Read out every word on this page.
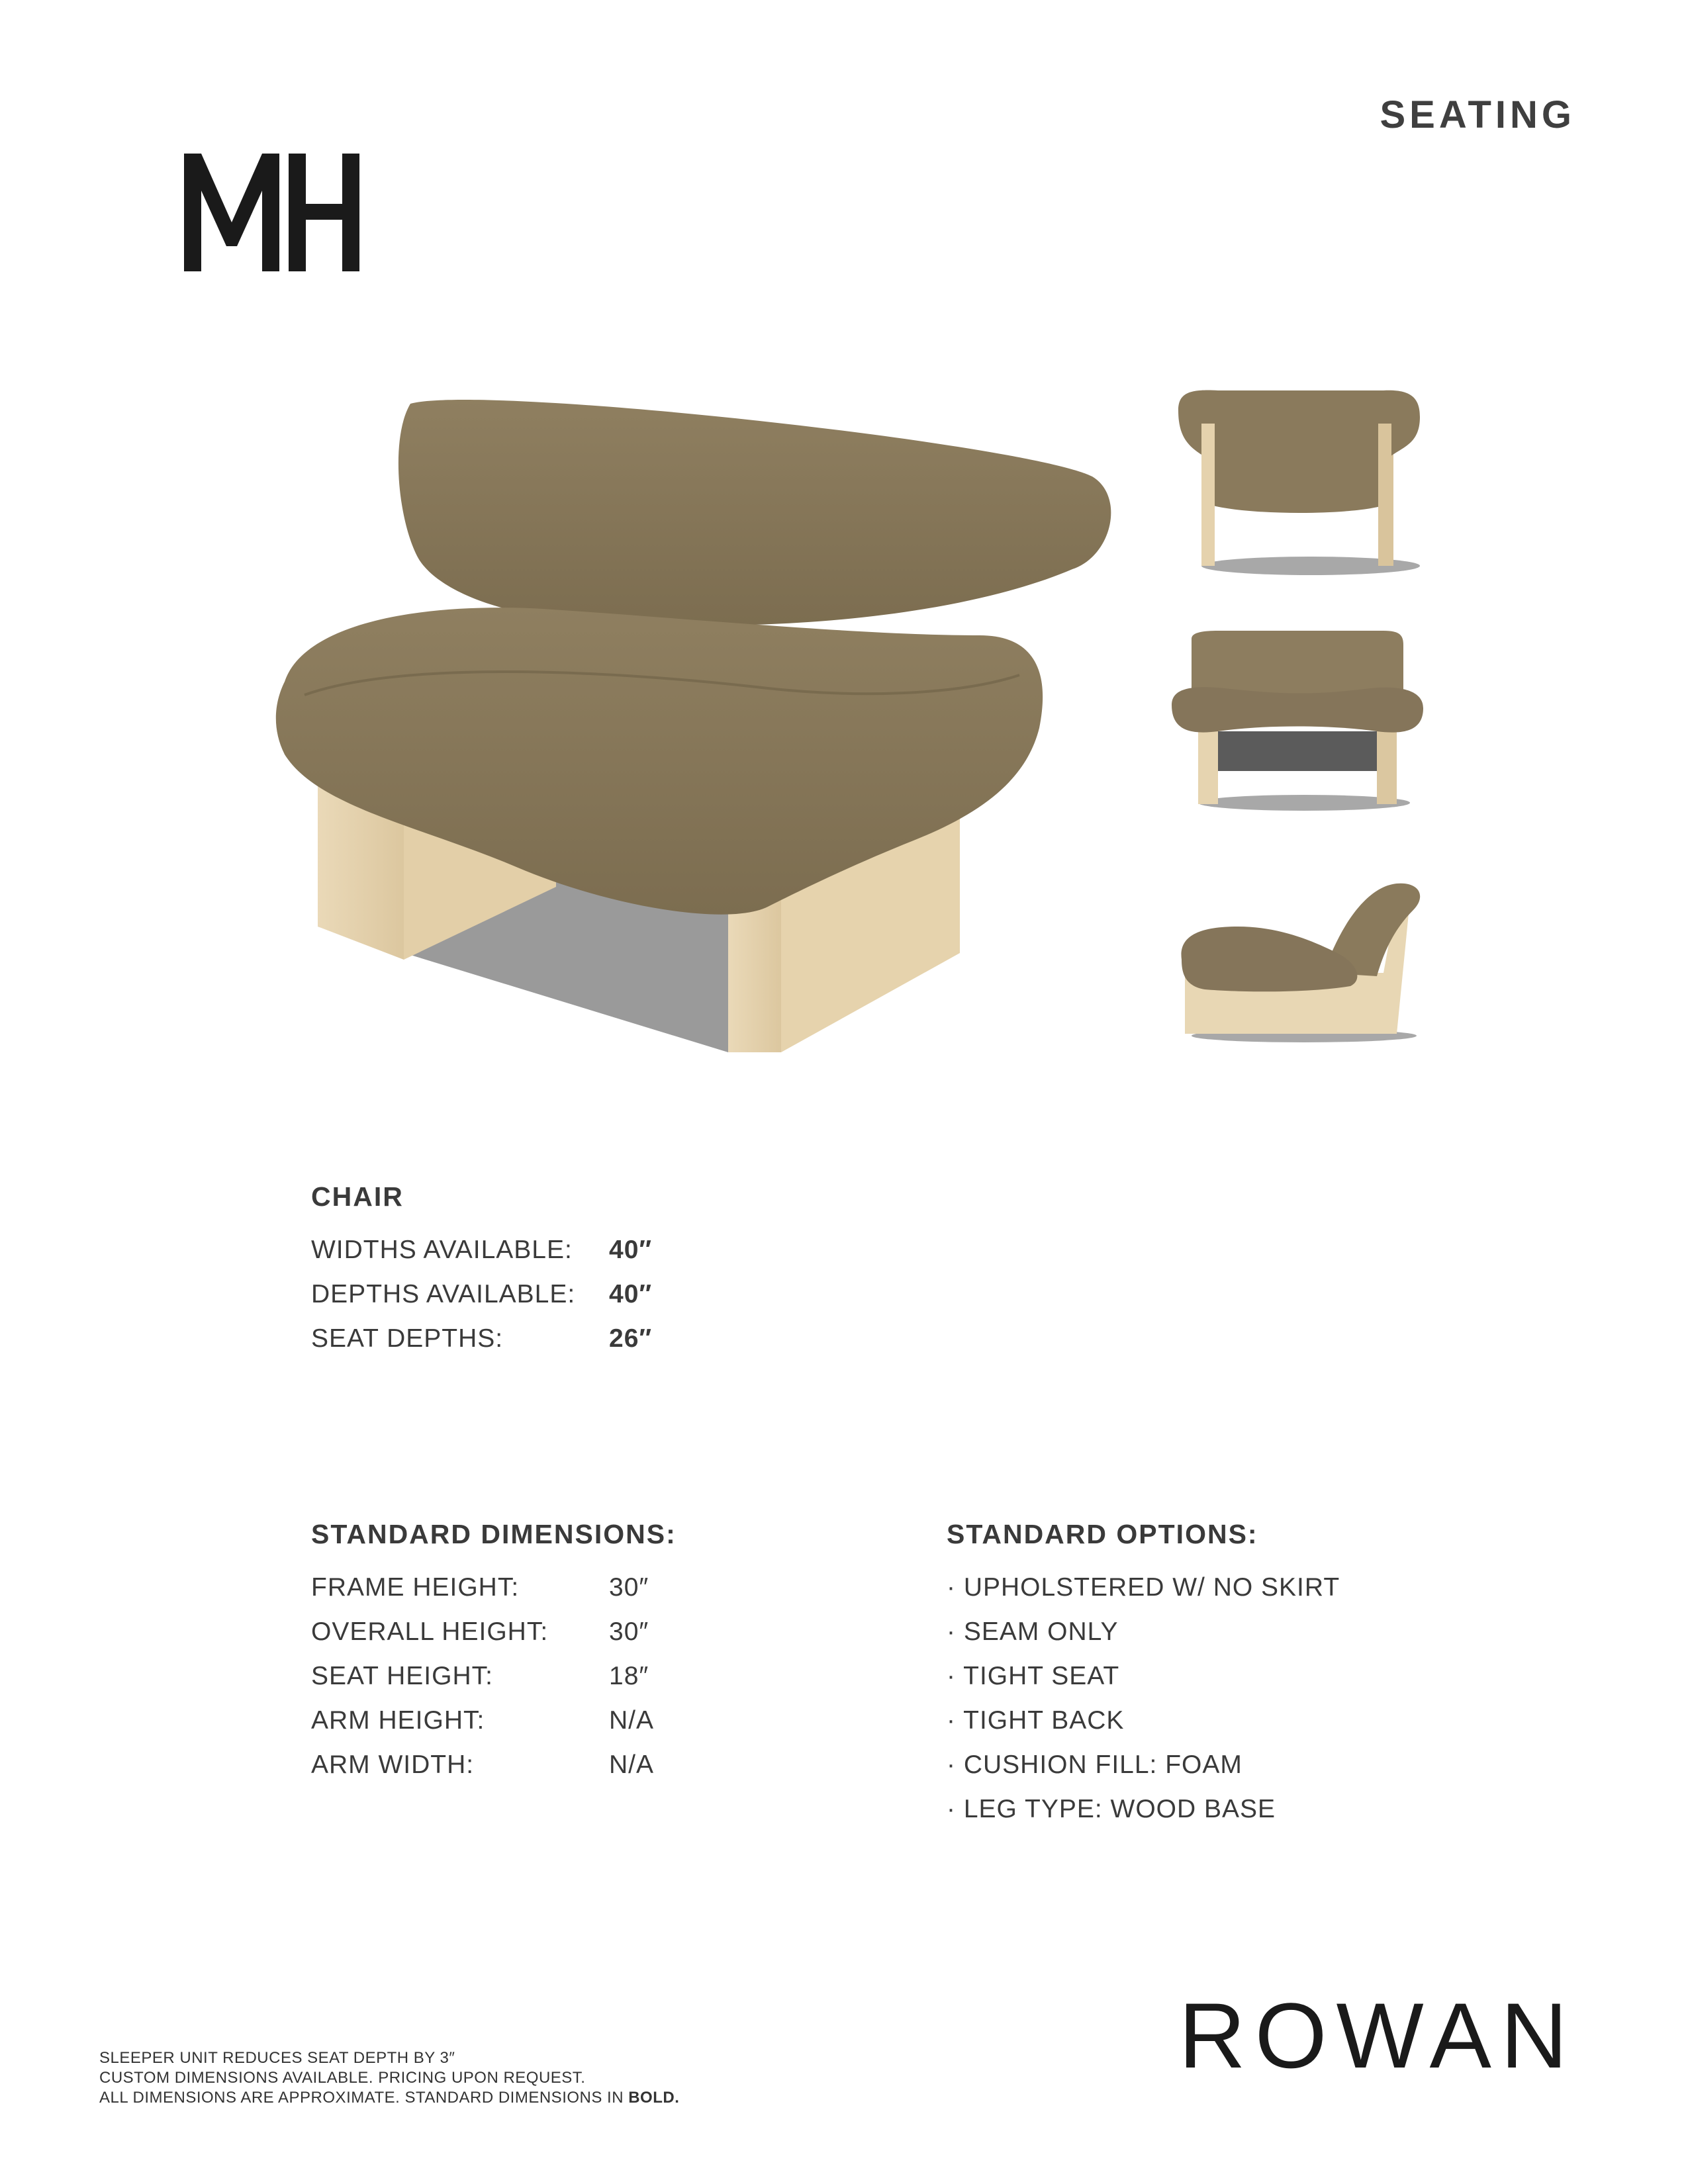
SEATING
CHAIR
WIDTHS AVAILABLE: 40″
DEPTHS AVAILABLE: 40″
SEAT DEPTHS:	26″
STANDARD DIMENSIONS:
FRAME HEIGHT:	30″
OVERALL HEIGHT: 30″
SEAT HEIGHT:	18″
ARM HEIGHT:	N/A
ARM WIDTH:	N/A
STANDARD OPTIONS:
· UPHOLSTERED W/ NO SKIRT
· SEAM ONLY
· TIGHT SEAT
· TIGHT BACK
· CUSHION FILL: FOAM
· LEG TYPE: WOOD BASE
ROWAN
SLEEPER UNIT REDUCES SEAT DEPTH BY 3″
CUSTOM DIMENSIONS AVAILABLE. PRICING UPON REQUEST.
ALL DIMENSIONS ARE APPROXIMATE. STANDARD DIMENSIONS IN BOLD.
